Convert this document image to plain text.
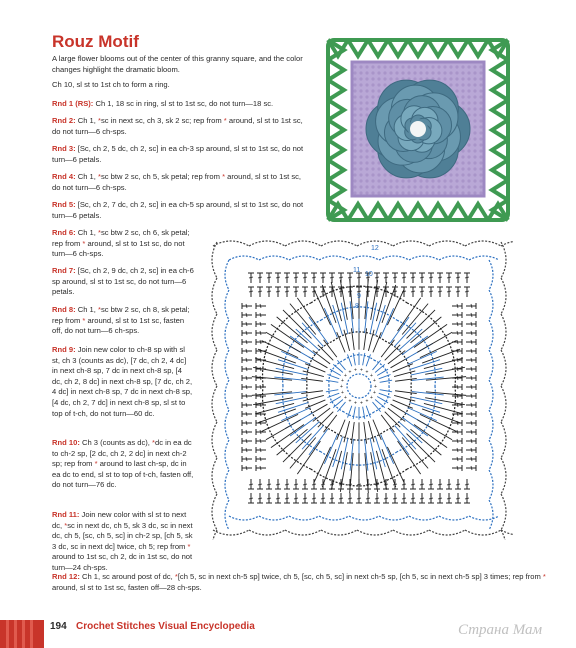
Rouz Motif
A large flower blooms out of the center of this granny square, and the color changes highlight the dramatic bloom.
Ch 10, sl st to 1st ch to form a ring.
Rnd 1 (RS): Ch 1, 18 sc in ring, sl st to 1st sc, do not turn—18 sc.
Rnd 2: Ch 1, *sc in next sc, ch 3, sk 2 sc; rep from * around, sl st to 1st sc, do not turn—6 ch-sps.
Rnd 3: [Sc, ch 2, 5 dc, ch 2, sc] in ea ch-3 sp around, sl st to 1st sc, do not turn—6 petals.
Rnd 4: Ch 1, *sc btw 2 sc, ch 5, sk petal; rep from * around, sl st to 1st sc, do not turn—6 ch-sps.
Rnd 5: [Sc, ch 2, 7 dc, ch 2, sc] in ea ch-5 sp around, sl st to 1st sc, do not turn—6 petals.
Rnd 6: Ch 1, *sc btw 2 sc, ch 6, sk petal; rep from * around, sl st to 1st sc, do not turn—6 ch-sps.
Rnd 7: [Sc, ch 2, 9 dc, ch 2, sc] in ea ch-6 sp around, sl st to 1st sc, do not turn—6 petals.
Rnd 8: Ch 1, *sc btw 2 sc, ch 8, sk petal; rep from * around, sl st to 1st sc, fasten off, do not turn—6 ch-sps.
Rnd 9: Join new color to ch-8 sp with sl st, ch 3 (counts as dc), [7 dc, ch 2, 4 dc] in next ch-8 sp, 7 dc in next ch-8 sp, [4 dc, ch 2, 8 dc] in next ch-8 sp, [7 dc, ch 2, 4 dc] in next ch-8 sp, 7 dc in next ch-8 sp, [4 dc, ch 2, 7 dc] in next ch-8 sp, sl st to top of t-ch, do not turn—60 dc.
Rnd 10: Ch 3 (counts as dc), *dc in ea dc to ch-2 sp, [2 dc, ch 2, 2 dc] in next ch-2 sp; rep from * around to last ch-sp, dc in ea dc to end, sl st to top of t-ch, fasten off, do not turn—76 dc.
Rnd 11: Join new color with sl st to next dc, *sc in next dc, ch 5, sk 3 dc, sc in next dc, ch 5, [sc, ch 5, sc] in ch-2 sp, [ch 5, sk 3 dc, sc in next dc] twice, ch 5; rep from * around to 1st sc, ch 2, dc in 1st sc, do not turn—24 ch-sps.
Rnd 12: Ch 1, sc around post of dc, *[ch 5, sc in next ch-5 sp] twice, ch 5, [sc, ch 5, sc] in next ch-5 sp, [ch 5, sc in next ch-5 sp] 3 times; rep from * around, sl st to 1st sc, fasten off—28 ch-sps.
+
+
+
+
+
+
+
+
+
+
+
+
+ + + +
+
+
12
11
10
9
8
194 Crochet Stitches Visual Encyclopedia	Страна Мам
